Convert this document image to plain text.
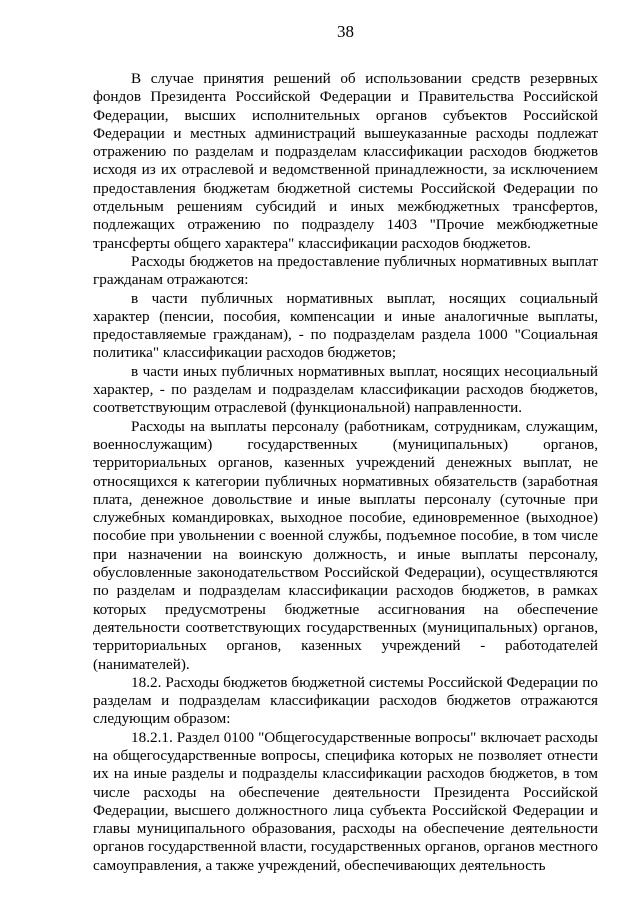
38

В случае принятия решений об использовании средств резервных фондов Президента Российской Федерации и Правительства Российской Федерации, высших исполнительных органов субъектов Российской Федерации и местных администраций вышеуказанные расходы подлежат отражению по разделам и подразделам классификации расходов бюджетов исходя из их отраслевой и ведомственной принадлежности, за исключением предоставления бюджетам бюджетной системы Российской Федерации по отдельным решениям субсидий и иных межбюджетных трансфертов, подлежащих отражению по подразделу 1403 "Прочие межбюджетные трансферты общего характера" классификации расходов бюджетов.

Расходы бюджетов на предоставление публичных нормативных выплат гражданам отражаются:

в части публичных нормативных выплат, носящих социальный характер (пенсии, пособия, компенсации и иные аналогичные выплаты, предоставляемые гражданам), - по подразделам раздела 1000 "Социальная политика" классификации расходов бюджетов;

в части иных публичных нормативных выплат, носящих несоциальный характер, - по разделам и подразделам классификации расходов бюджетов, соответствующим отраслевой (функциональной) направленности.

Расходы на выплаты персоналу (работникам, сотрудникам, служащим, военнослужащим) государственных (муниципальных) органов, территориальных органов, казенных учреждений денежных выплат, не относящихся к категории публичных нормативных обязательств (заработная плата, денежное довольствие и иные выплаты персоналу (суточные при служебных командировках, выходное пособие, единовременное (выходное) пособие при увольнении с военной службы, подъемное пособие, в том числе при назначении на воинскую должность, и иные выплаты персоналу, обусловленные законодательством Российской Федерации), осуществляются по разделам и подразделам классификации расходов бюджетов, в рамках которых предусмотрены бюджетные ассигнования на обеспечение деятельности соответствующих государственных (муниципальных) органов, территориальных органов, казенных учреждений - работодателей (нанимателей).

18.2. Расходы бюджетов бюджетной системы Российской Федерации по разделам и подразделам классификации расходов бюджетов отражаются следующим образом:

18.2.1. Раздел 0100 "Общегосударственные вопросы" включает расходы на общегосударственные вопросы, специфика которых не позволяет отнести их на иные разделы и подразделы классификации расходов бюджетов, в том числе расходы на обеспечение деятельности Президента Российской Федерации, высшего должностного лица субъекта Российской Федерации и главы муниципального образования, расходы на обеспечение деятельности органов государственной власти, государственных органов, органов местного самоуправления, а также учреждений, обеспечивающих деятельность
